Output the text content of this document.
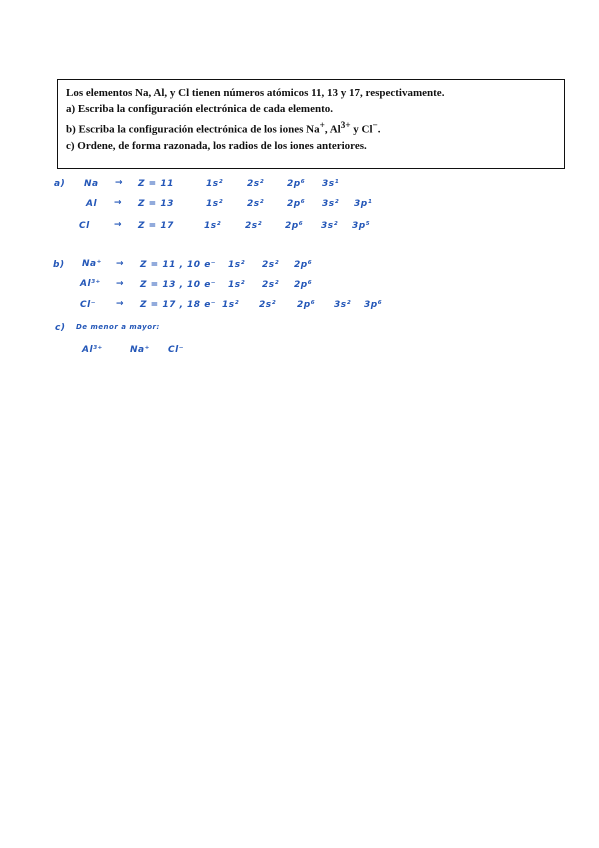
Los elementos Na, Al, y Cl tienen números atómicos 11, 13 y 17, respectivamente.

a) Escriba la configuración electrónica de cada elemento.

b) Escriba la configuración electrónica de los iones Na+, $Al^{3+}$ y Cl−.

c) Ordene, de forma razonada, los radios de los iones anteriores.

a) Na → Z = 11	1s²	2s²	2p⁶ 3s¹
Al → Z = 13	1s²	2s²	2p⁶ 3s² 3p¹
Cl	→ Z = 17	1s²	2s²	2p⁶ 3s² 3p⁵
b) Na⁺ → Z = 11 , 10 e⁻ 1s² 2s² 2p⁶
Al³⁺ → Z = 13 , 10 e⁻ 1s² 2s² 2p⁶
Cl⁻ → Z = 17 , 18 e⁻ 1s² 2s² 2p⁶ 3s² 3p⁶
c) De menor a mayor:
Al³⁺	Na⁺ Cl⁻
